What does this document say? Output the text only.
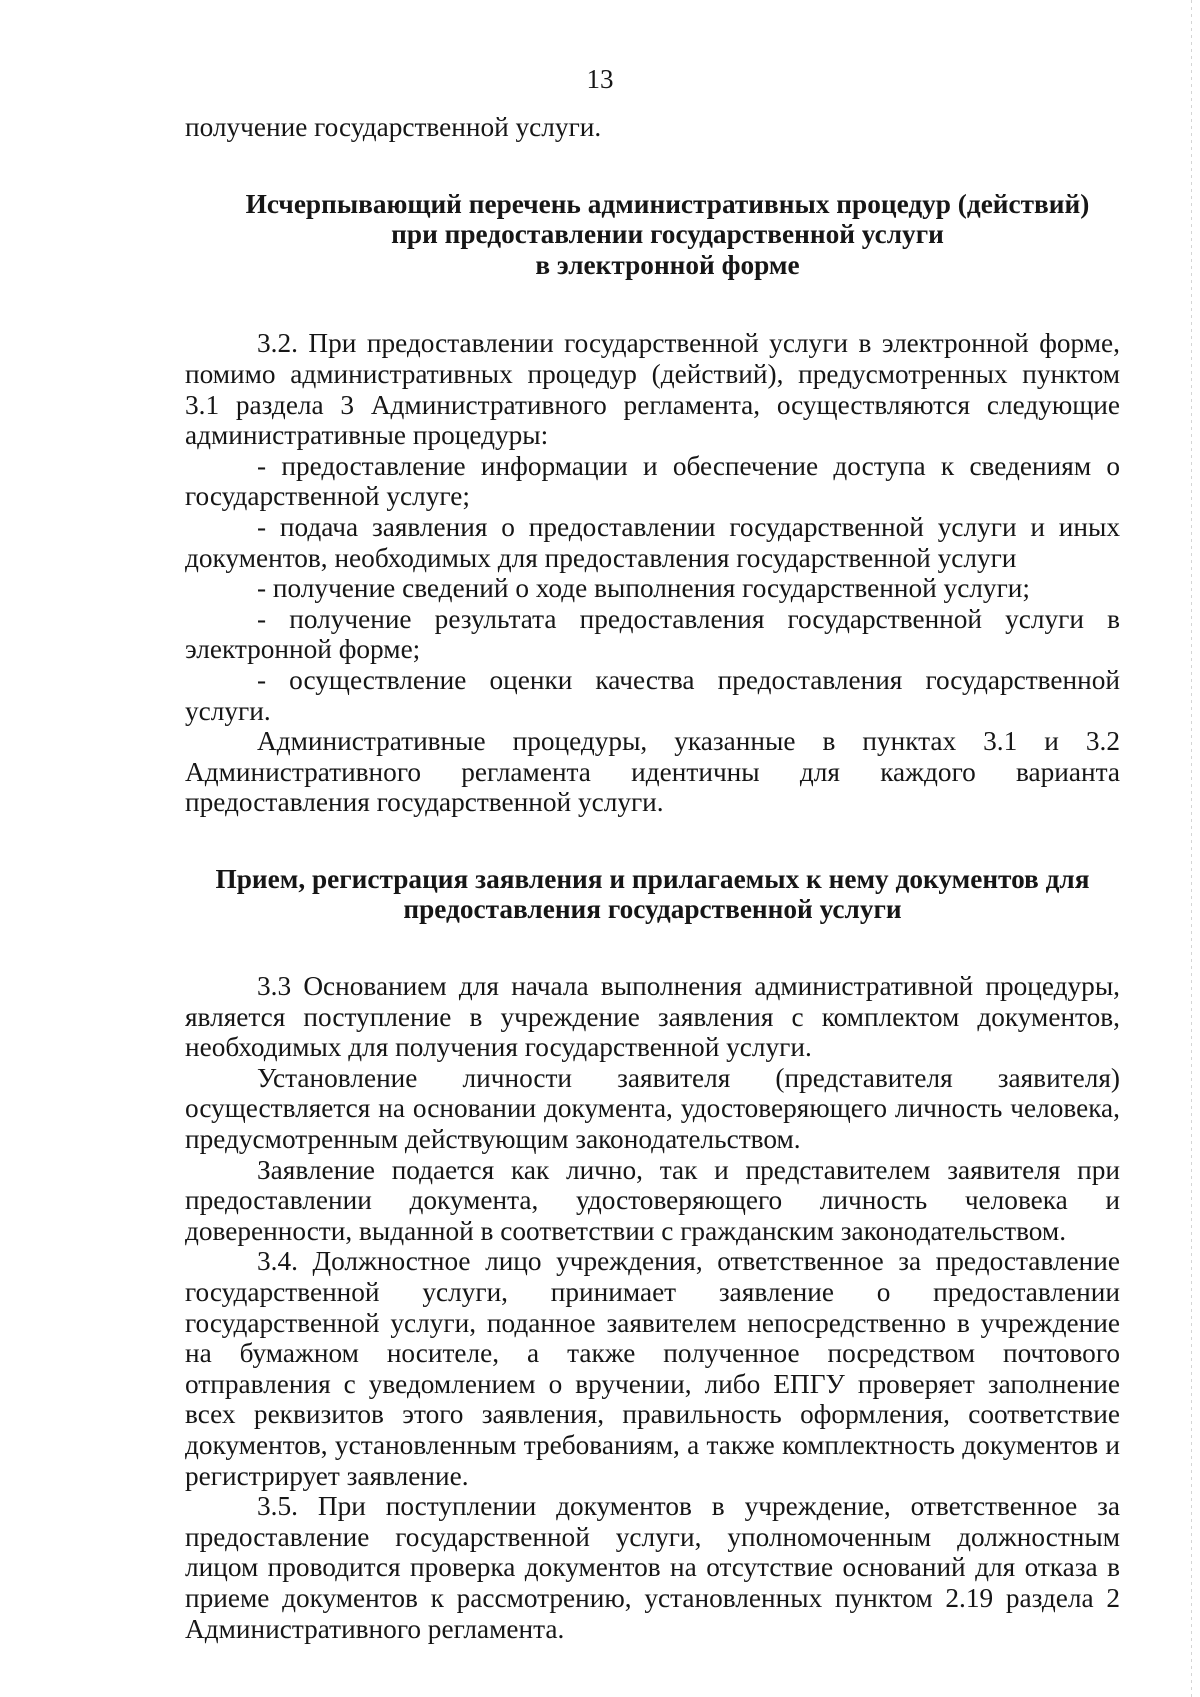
13

получение государственной услуги.

Исчерпывающий перечень административных процедур (действий)
при предоставлении государственной услуги
в электронной форме

3.2. При предоставлении государственной услуги в электронной форме, помимо административных процедур (действий), предусмотренных пунктом 3.1 раздела 3 Административного регламента, осуществляются следующие административные процедуры:

- предоставление информации и обеспечение доступа к сведениям о государственной услуге;

- подача заявления о предоставлении государственной услуги и иных документов, необходимых для предоставления государственной услуги

- получение сведений о ходе выполнения государственной услуги;

- получение результата предоставления государственной услуги в электронной форме;

- осуществление оценки качества предоставления государственной услуги.

Административные процедуры, указанные в пунктах 3.1 и 3.2 Административного регламента идентичны для каждого варианта предоставления государственной услуги.

Прием, регистрация заявления и прилагаемых к нему документов для
предоставления государственной услуги

3.3 Основанием для начала выполнения административной процедуры, является поступление в учреждение заявления с комплектом документов, необходимых для получения государственной услуги.

Установление личности заявителя (представителя заявителя) осуществляется на основании документа, удостоверяющего личность человека, предусмотренным действующим законодательством.

Заявление подается как лично, так и представителем заявителя при предоставлении документа, удостоверяющего личность человека и доверенности, выданной в соответствии с гражданским законодательством.

3.4. Должностное лицо учреждения, ответственное за предоставление государственной услуги, принимает заявление о предоставлении государственной услуги, поданное заявителем непосредственно в учреждение на бумажном носителе, а также полученное посредством почтового отправления с уведомлением о вручении, либо ЕПГУ проверяет заполнение всех реквизитов этого заявления, правильность оформления, соответствие документов, установленным требованиям, а также комплектность документов и регистрирует заявление.

3.5. При поступлении документов в учреждение, ответственное за предоставление государственной услуги, уполномоченным должностным лицом проводится проверка документов на отсутствие оснований для отказа в приеме документов к рассмотрению, установленных пунктом 2.19 раздела 2 Административного регламента.
